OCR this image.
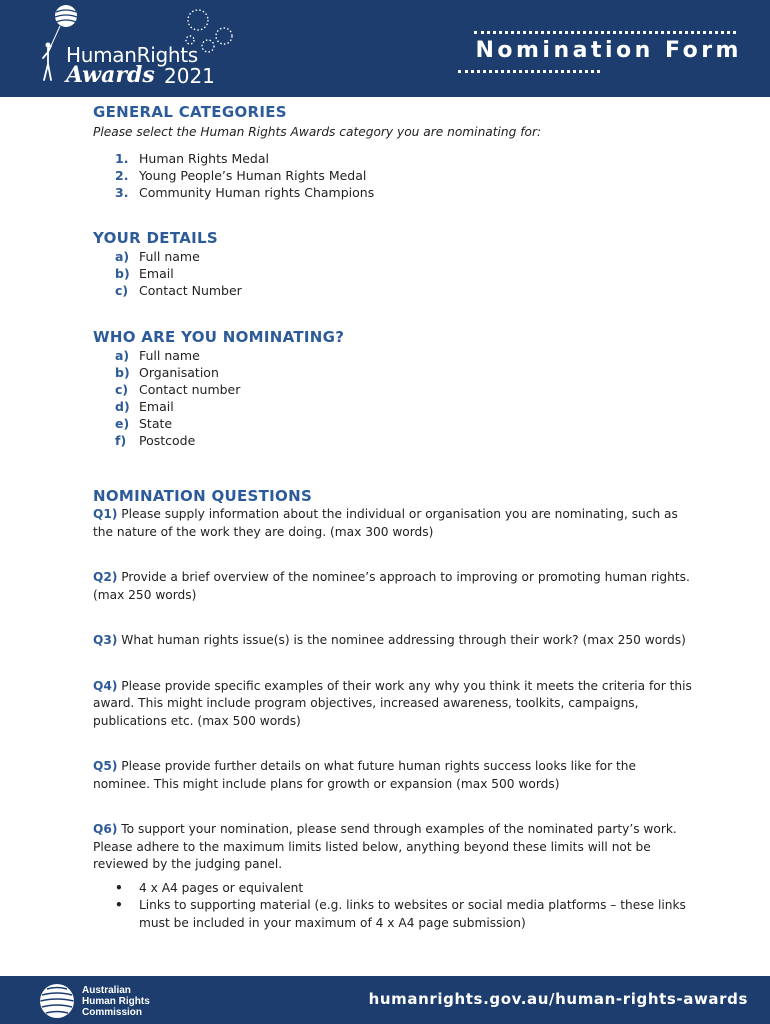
HumanRights
Awards 2021
Nomination Form
GENERAL CATEGORIES

Please select the Human Rights Awards category you are nominating for:

1. Human Rights Medal
2. Young People’s Human Rights Medal
3. Community Human rights Champions
YOUR DETAILS
a) Full name
b) Email
c) Contact Number
WHO ARE YOU NOMINATING?
a) Full name
b) Organisation
c) Contact number
d) Email
e) State
f) Postcode
NOMINATION QUESTIONS

Q1) Please supply information about the individual or organisation you are nominating, such as the nature of the work they are doing. (max 300 words)

Q2) Provide a brief overview of the nominee’s approach to improving or promoting human rights. (max 250 words)

Q3) What human rights issue(s) is the nominee addressing through their work? (max 250 words)

Q4) Please provide specific examples of their work any why you think it meets the criteria for this award. This might include program objectives, increased awareness, toolkits, campaigns, publications etc. (max 500 words)

Q5) Please provide further details on what future human rights success looks like for the nominee. This might include plans for growth or expansion (max 500 words)

Q6) To support your nomination, please send through examples of the nominated party’s work. Please adhere to the maximum limits listed below, anything beyond these limits will not be reviewed by the judging panel.

• 4 x A4 pages or equivalent
• Links to supporting material (e.g. links to websites or social media platforms – these links must be included in your maximum of 4 x A4 page submission)
Australian
Human Rights
Commission
humanrights.gov.au/human-rights-awards
